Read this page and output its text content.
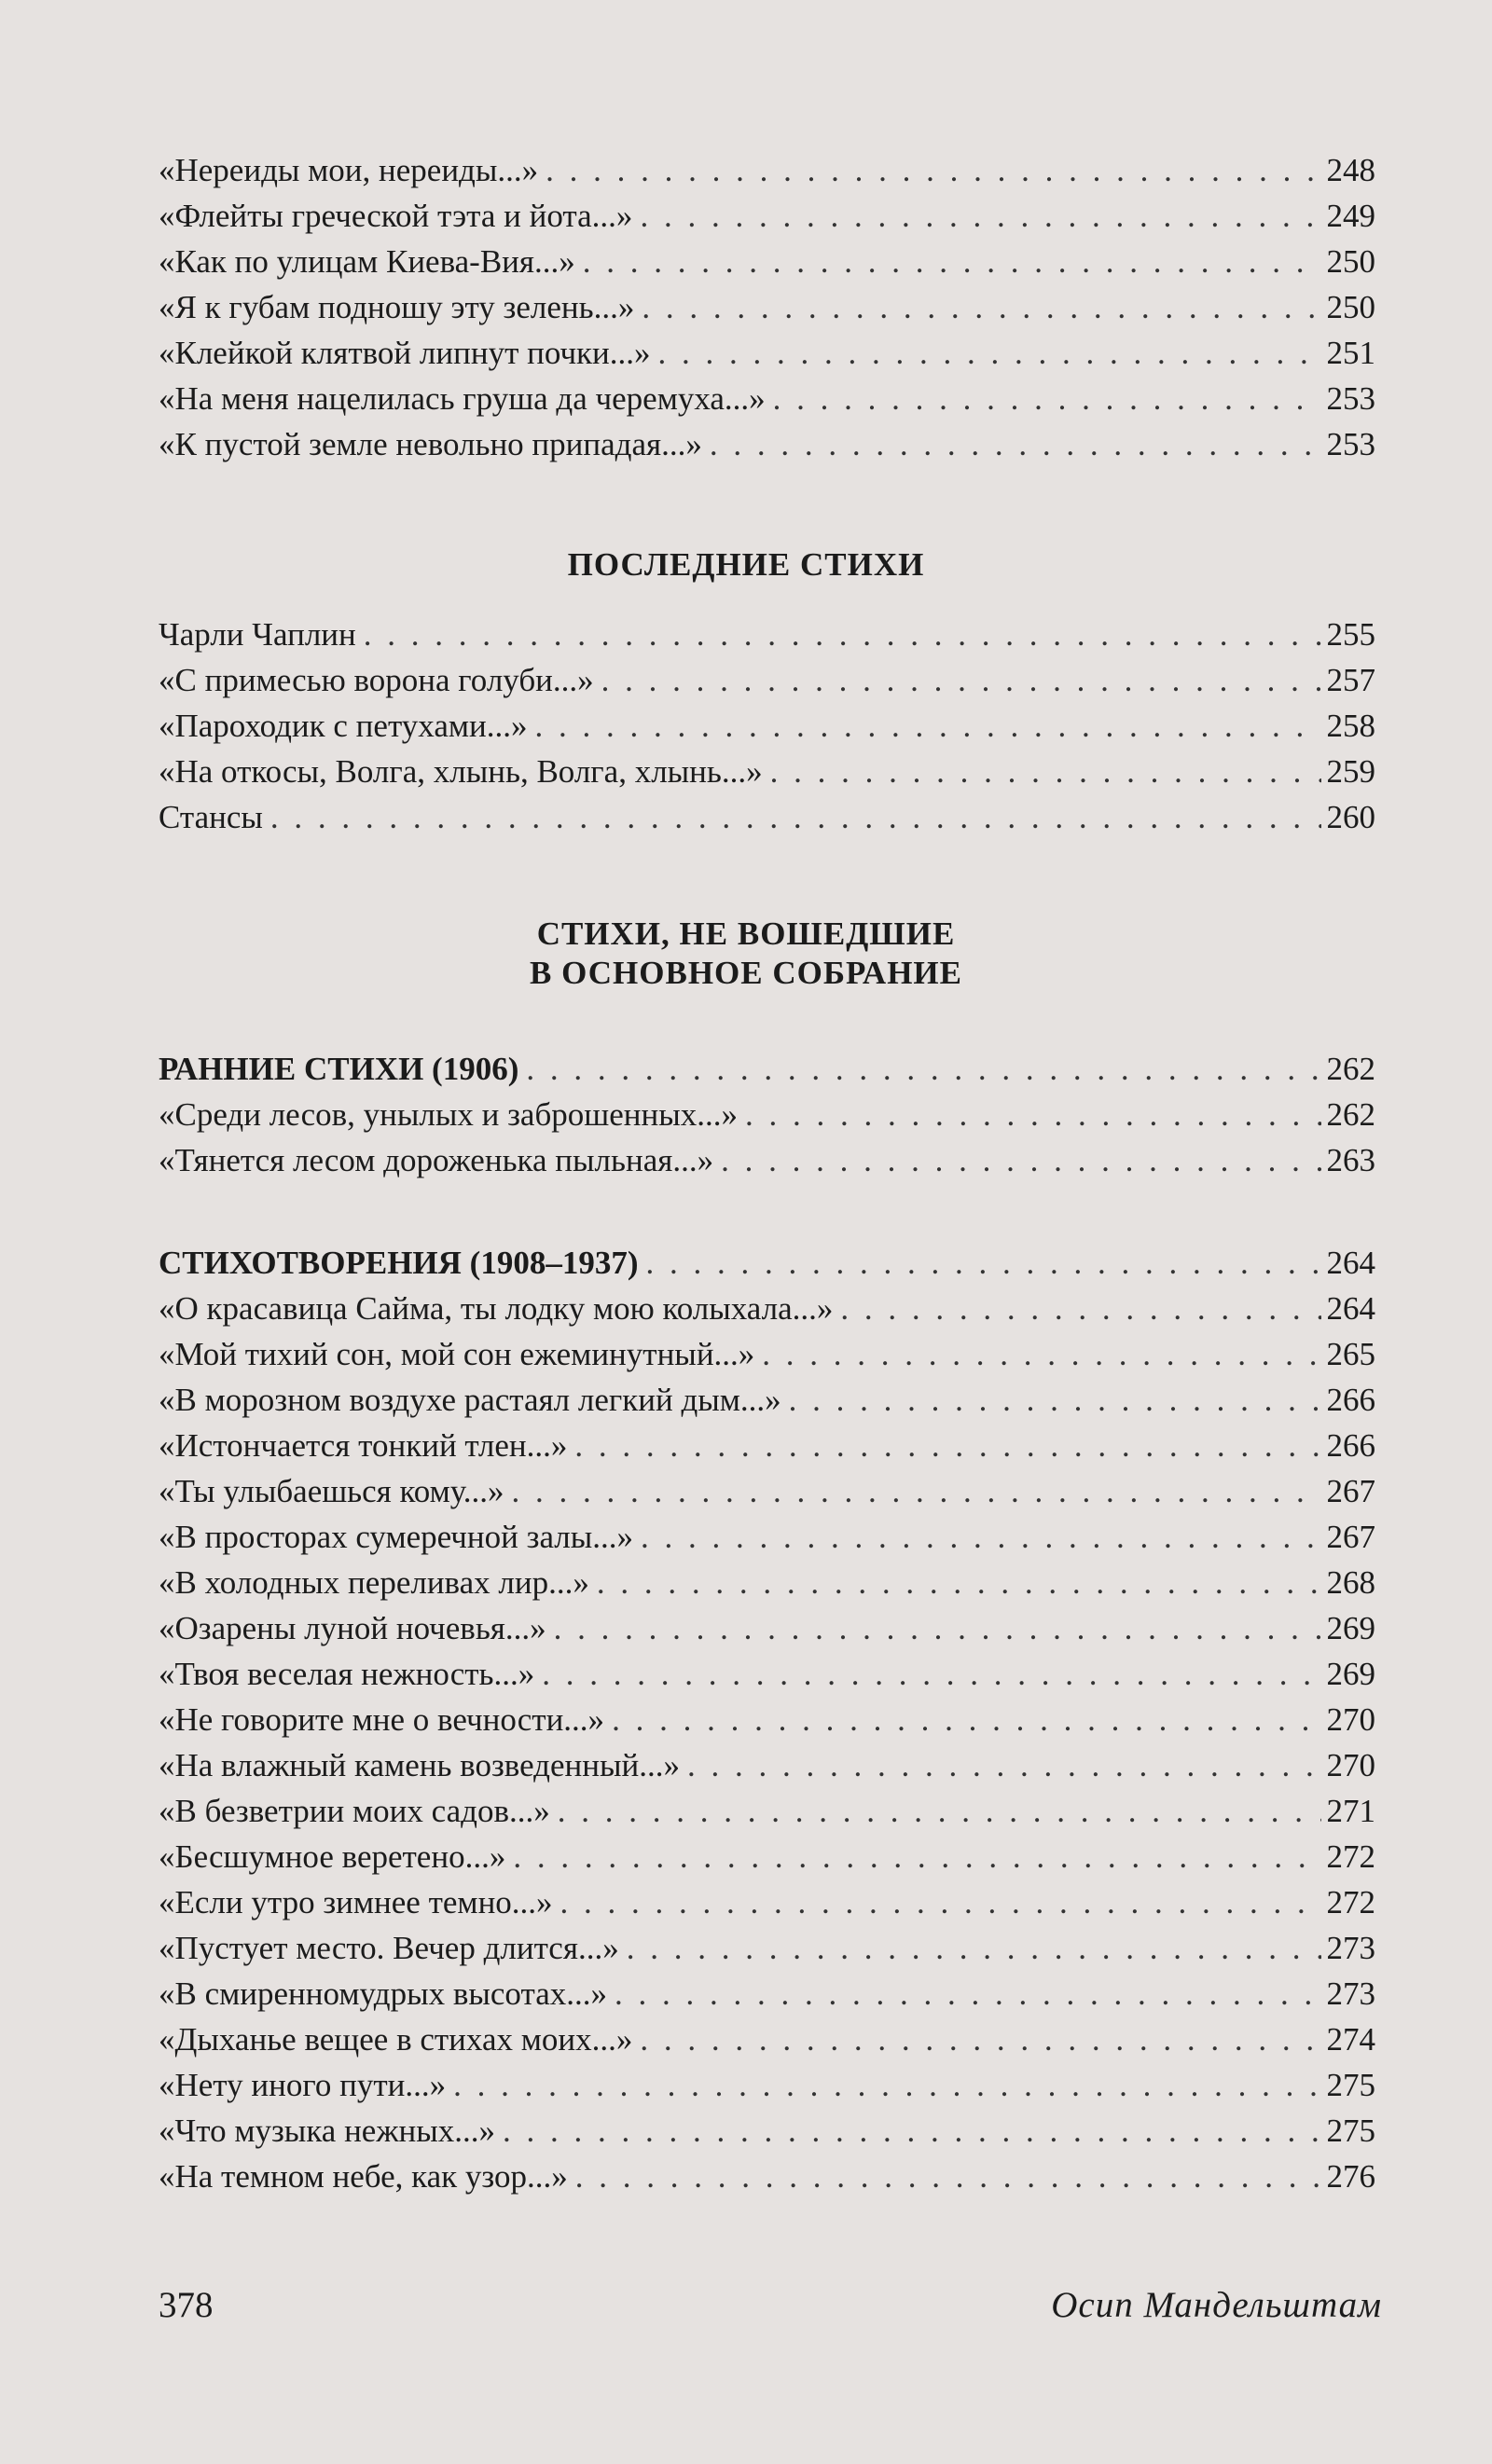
«Нереиды мои, нереиды...» . . .	248
«Флейты греческой тэта и йота...» . . .	249
«Как по улицам Киева-Вия...» . . .	250
«Я к губам подношу эту зелень...» . . .	250
«Клейкой клятвой липнут почки...» . . .	251
«На меня нацелилась груша да черемуха...» . . .	253
«К пустой земле невольно припадая...» . . .	253
ПОСЛЕДНИЕ СТИХИ
Чарли Чаплин . . .	255
«С примесью ворона голуби...» . . .	257
«Пароходик с петухами...» . . .	258
«На откосы, Волга, хлынь, Волга, хлынь...» . . .	259
Стансы . . .	260
СТИХИ, НЕ ВОШЕДШИЕ
В ОСНОВНОЕ СОБРАНИЕ
РАННИЕ СТИХИ (1906) . . .	262
«Среди лесов, унылых и заброшенных...» . . .	262
«Тянется лесом дороженька пыльная...» . . .	263
СТИХОТВОРЕНИЯ (1908–1937) . . .	264
«О красавица Сайма, ты лодку мою колыхала...» . . .	264
«Мой тихий сон, мой сон ежеминутный...» . . .	265
«В морозном воздухе растаял легкий дым...» . . .	266
«Истончается тонкий тлен...» . . .	266
«Ты улыбаешься кому...» . . .	267
«В просторах сумеречной залы...» . . .	267
«В холодных переливах лир...» . . .	268
«Озарены луной ночевья...» . . .	269
«Твоя веселая нежность...» . . .	269
«Не говорите мне о вечности...» . . .	270
«На влажный камень возведенный...» . . .	270
«В безветрии моих садов...» . . .	271
«Бесшумное веретено...» . . .	272
«Если утро зимнее темно...» . . .	272
«Пустует место. Вечер длится...» . . .	273
«В смиренномудрых высотах...» . . .	273
«Дыханье вещее в стихах моих...» . . .	274
«Нету иного пути...» . . .	275
«Что музыка нежных...» . . .	275
«На темном небе, как узор...» . . .	276
378	Осип Мандельштам
